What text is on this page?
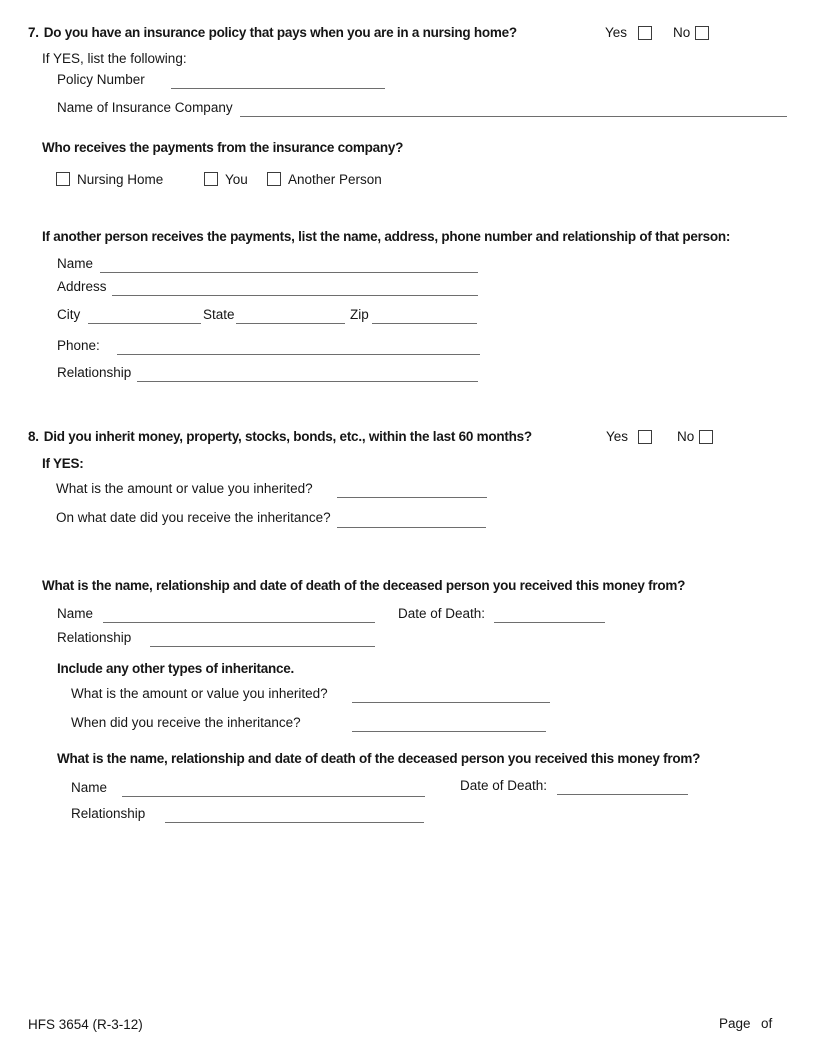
7. Do you have an insurance policy that pays when you are in a nursing home?	Yes	No
If YES, list the following:
Policy Number
Name of Insurance Company
Who receives the payments from the insurance company?
Nursing Home	You	Another Person
If another person receives the payments, list the name, address, phone number and relationship of that person:
Name
Address
City	State	Zip
Phone:
Relationship
8. Did you inherit money, property, stocks, bonds, etc., within the last 60 months?	Yes	No
If YES:
What is the amount or value you inherited?
On what date did you receive the inheritance?
What is the name, relationship and date of death of the deceased person you received this money from?
Name	Date of Death:
Relationship
Include any other types of inheritance.
What is the amount or value you inherited?
When did you receive the inheritance?
What is the name, relationship and date of death of the deceased person you received this money from?
Name	Date of Death:
Relationship
HFS 3654 (R-3-12)	Page of
